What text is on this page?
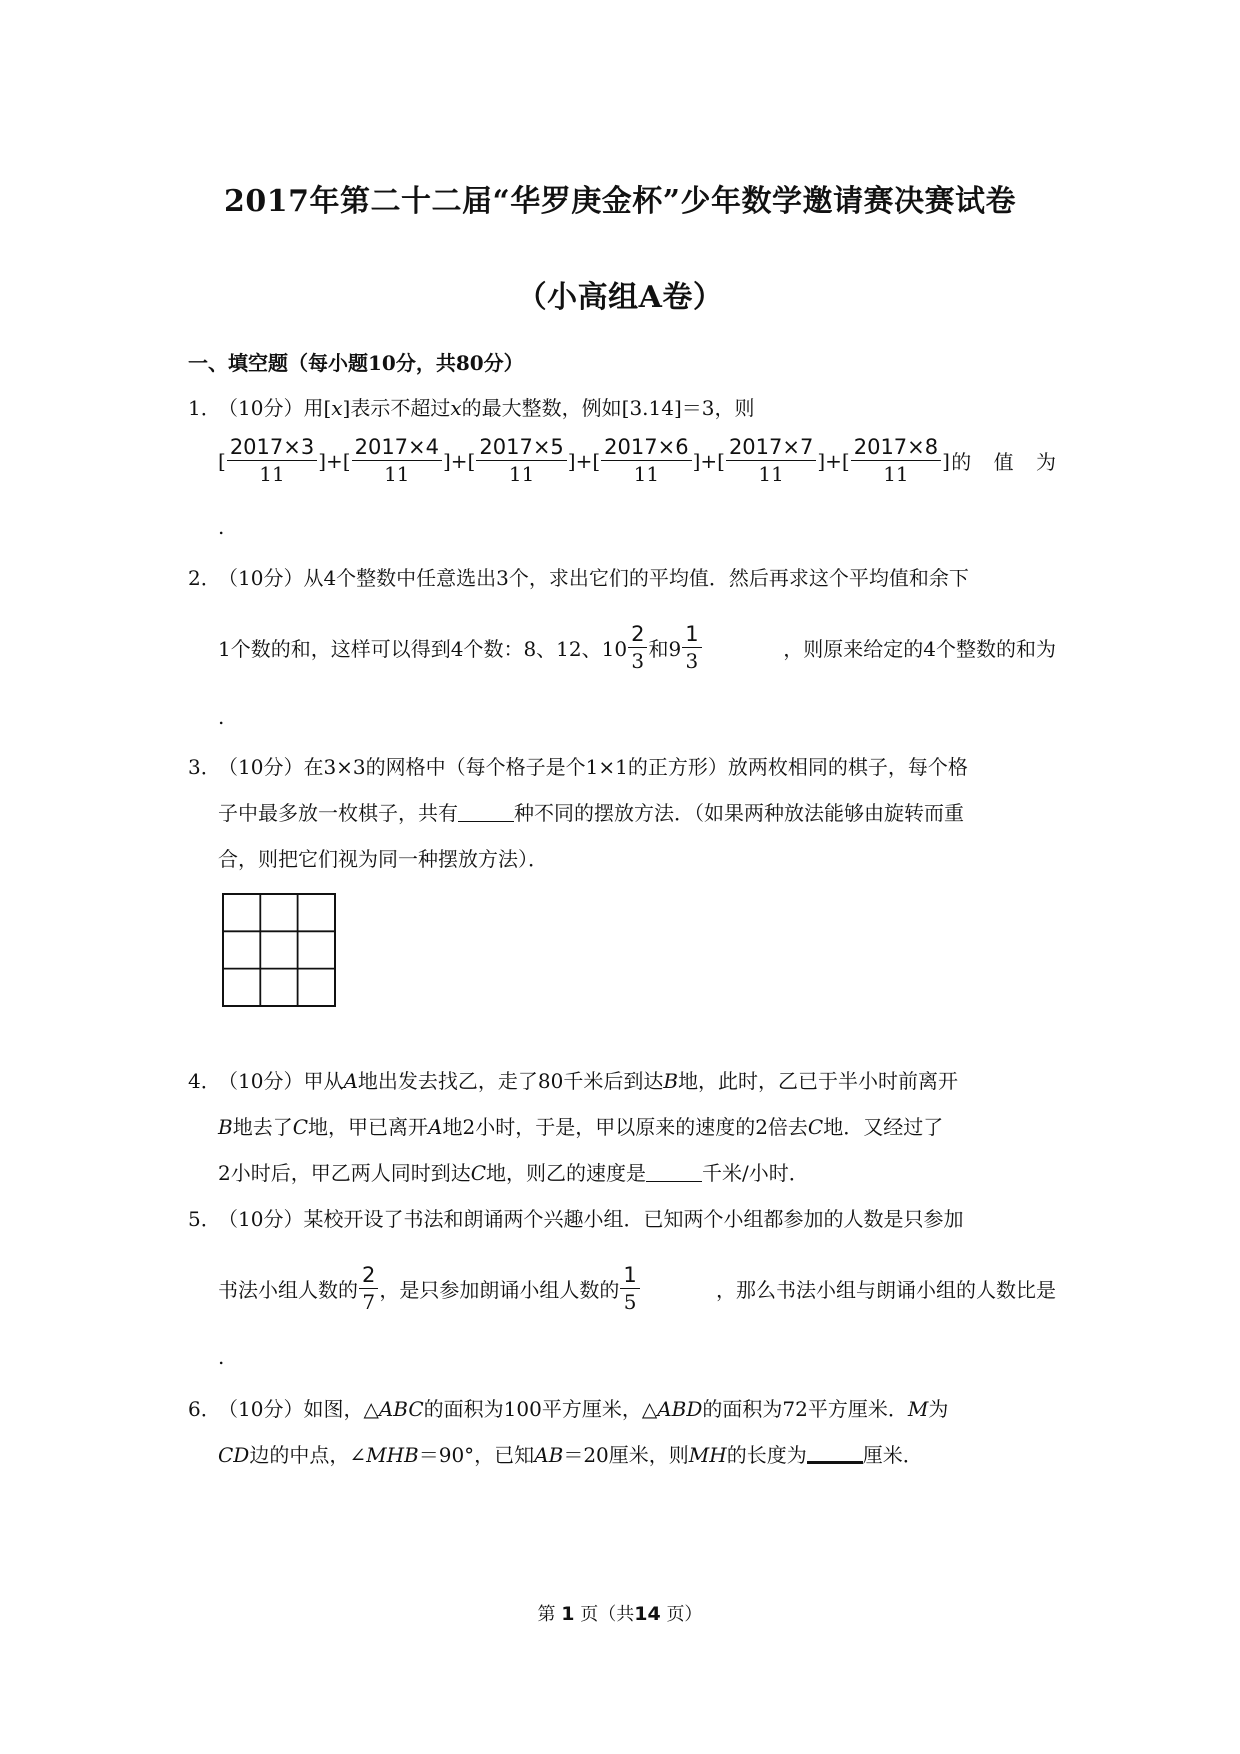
2017年第二十二届“华罗庚金杯”少年数学邀请赛决赛试卷
（小高组A卷）
一、填空题（每小题10分，共80分）
1．
（10分）用[x]表示不超过x的最大整数，例如[3.14]＝3，则
[ $\frac{2017\times 3}{11}$ ]+[ $\frac{2017\times 4}{11}$ ]+[ $\frac{2017\times 5}{11}$ ]+[ $\frac{2017\times 6}{11}$ ]+[ $\frac{2017\times 7}{11}$ ]+[ $\frac{2017\times 8}{11}$ ] 的 值 为
.
2．
（10分）从4个整数中任意选出3个，求出它们的平均值．然后再求这个平均值和余下
1个数的和，这样可以得到4个数：8、12、$10 \frac{2}{3}$ 和$9 \frac{1}{3}$	，则原来给定的4个整数的和为
.
3．
（10分）在3×3的网格中（每个格子是个1×1的正方形）放两枚相同的棋子，每个格
子中最多放一枚棋子，共有	种不同的摆放方法．（如果两种放法能够由旋转而重
合，则把它们视为同一种摆放方法）．
4．
（10分）甲从A地出发去找乙，走了80千米后到达B地，此时，乙已于半小时前离开
B地去了C地，甲已离开A地2小时，于是，甲以原来的速度的2倍去C地．又经过了
2小时后，甲乙两人同时到达C地，则乙的速度是	千米/小时．
5．
（10分）某校开设了书法和朗诵两个兴趣小组．已知两个小组都参加的人数是只参加
书法小组人数的 $\frac{2}{7}$ ，是只参加朗诵小组人数的 $\frac{1}{5}$	，那么书法小组与朗诵小组的人数比是
.
6．
（10分）如图，△ABC的面积为100平方厘米，△ABD的面积为72平方厘米．M为
CD边的中点，∠MHB＝90°，已知AB＝20厘米，则MH的长度为	厘米．
第 1 页（共14 页）
